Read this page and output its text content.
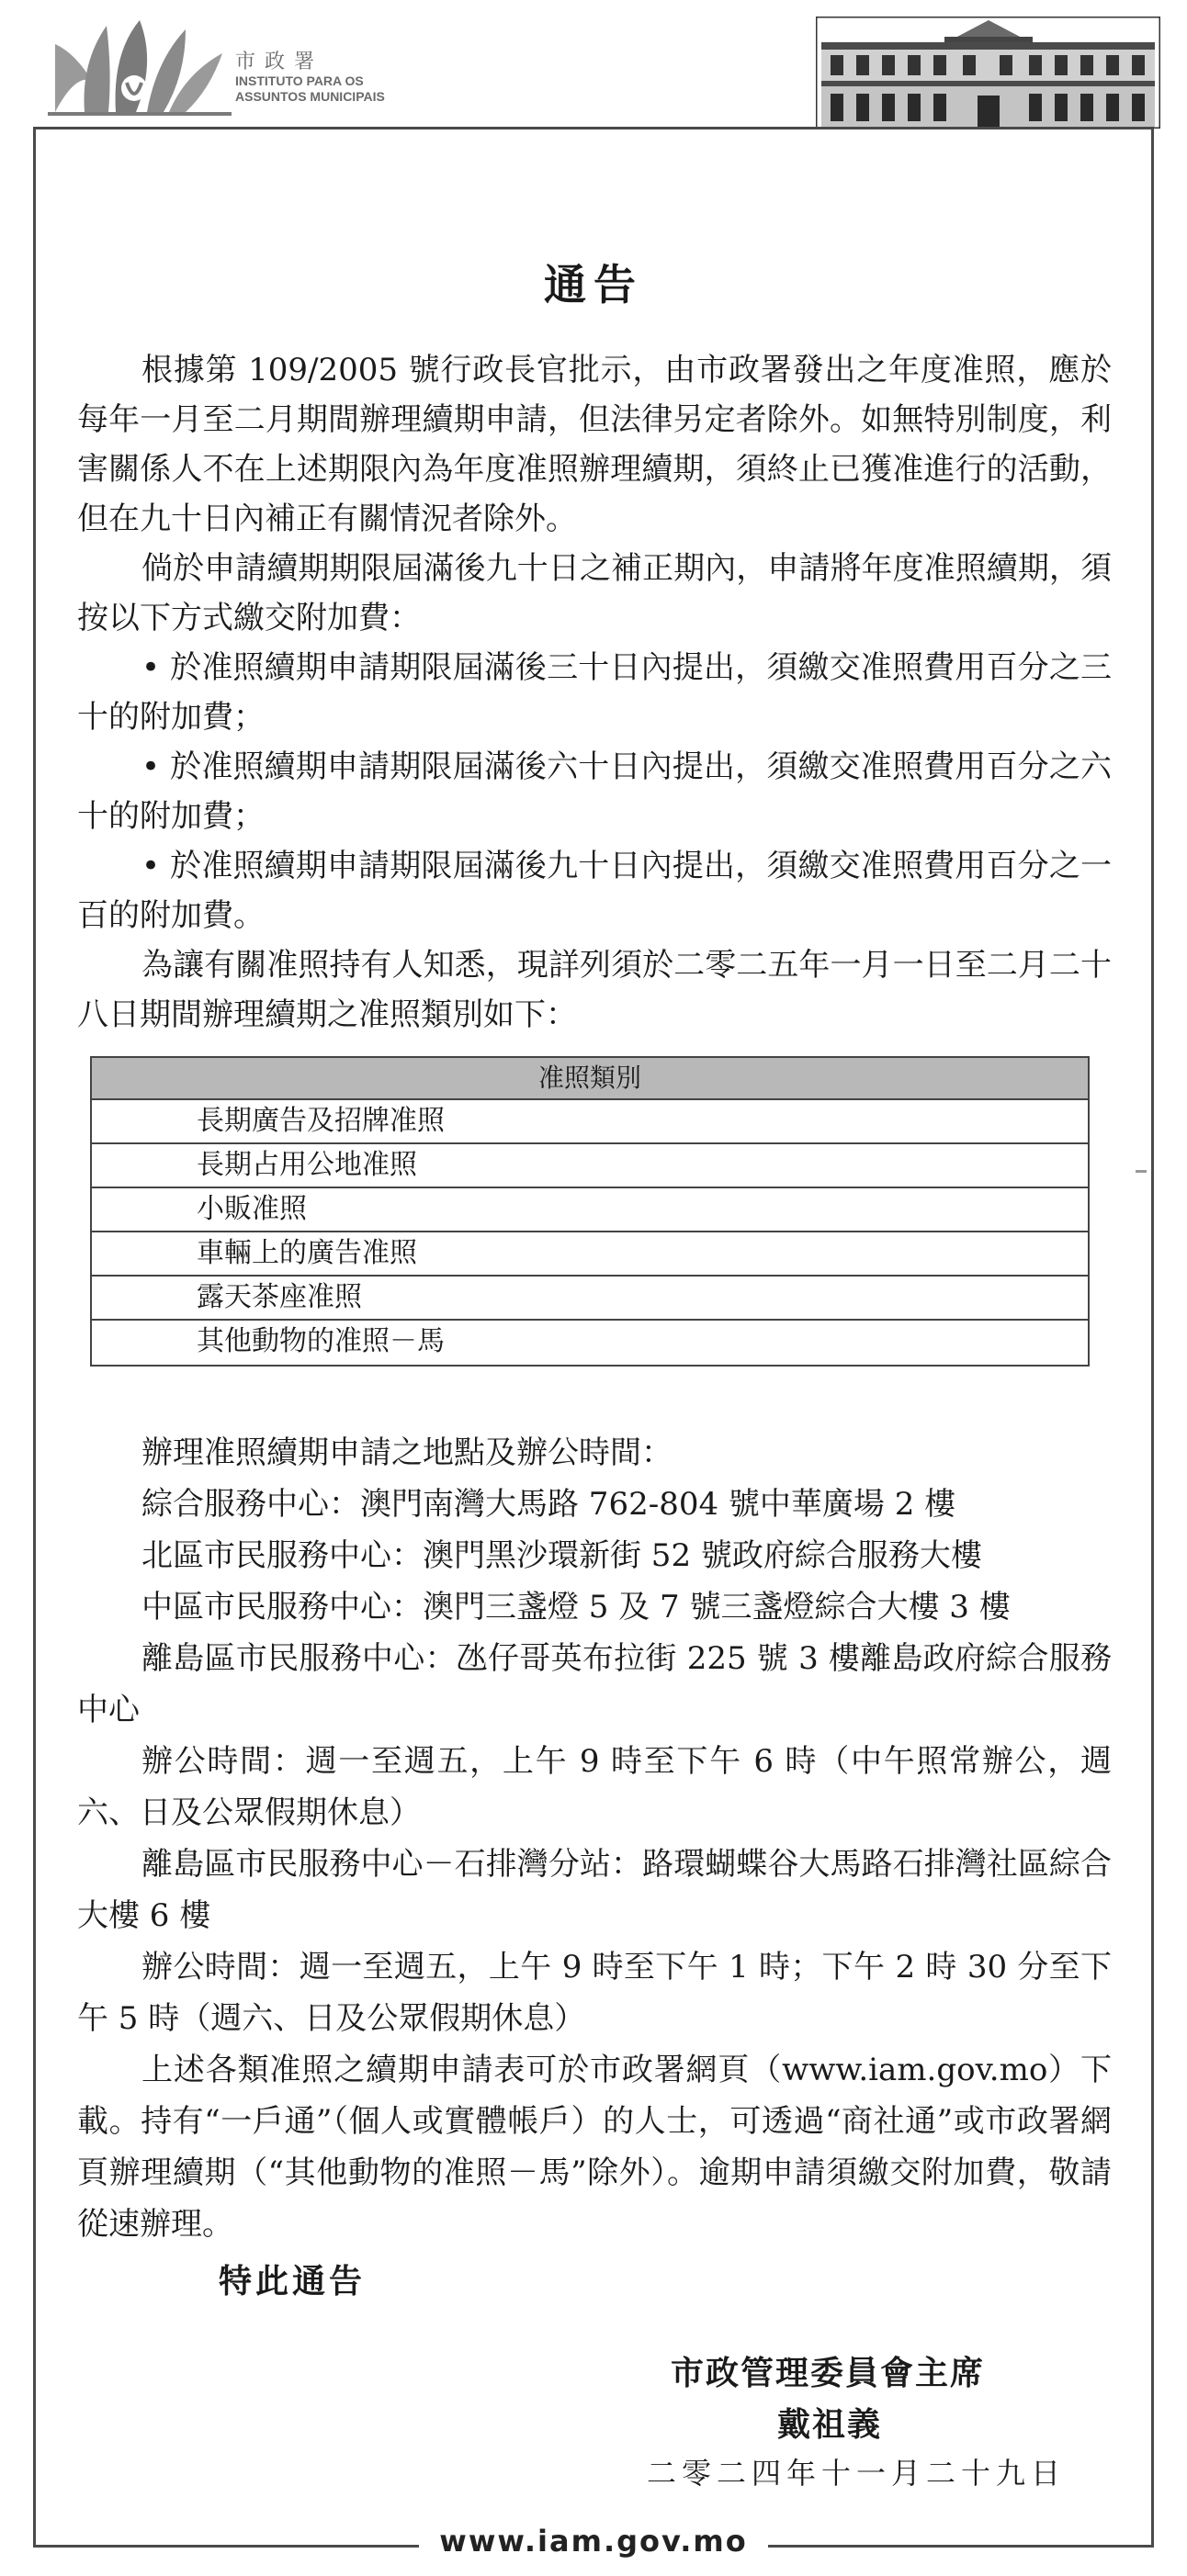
市政署
INSTITUTO PARA OS
ASSUNTOS MUNICIPAIS
通告

根據第 109/2005 號行政長官批示，由市政署發出之年度准照，應於每年一月至二月期間辦理續期申請，但法律另定者除外。如無特別制度，利害關係人不在上述期限內為年度准照辦理續期，須終止已獲准進行的活動，但在九十日內補正有關情況者除外。

倘於申請續期期限屆滿後九十日之補正期內，申請將年度准照續期，須按以下方式繳交附加費：

• 於准照續期申請期限屆滿後三十日內提出，須繳交准照費用百分之三十的附加費；

• 於准照續期申請期限屆滿後六十日內提出，須繳交准照費用百分之六十的附加費；

• 於准照續期申請期限屆滿後九十日內提出，須繳交准照費用百分之一百的附加費。

為讓有關准照持有人知悉，現詳列須於二零二五年一月一日至二月二十八日期間辦理續期之准照類別如下：

准照類別
長期廣告及招牌准照
長期占用公地准照
小販准照
車輛上的廣告准照
露天茶座准照
其他動物的准照－馬

辦理准照續期申請之地點及辦公時間：

綜合服務中心：澳門南灣大馬路 762-804 號中華廣場 2 樓

北區市民服務中心：澳門黑沙環新街 52 號政府綜合服務大樓

中區市民服務中心：澳門三盞燈 5 及 7 號三盞燈綜合大樓 3 樓

離島區市民服務中心：氹仔哥英布拉街 225 號 3 樓離島政府綜合服務中心

辦公時間：週一至週五，上午 9 時至下午 6 時（中午照常辦公，週六、日及公眾假期休息）

離島區市民服務中心－石排灣分站：路環蝴蝶谷大馬路石排灣社區綜合大樓 6 樓

辦公時間：週一至週五，上午 9 時至下午 1 時；下午 2 時 30 分至下午 5 時（週六、日及公眾假期休息）

上述各類准照之續期申請表可於市政署網頁（www.iam.gov.mo）下載。持有“一戶通”（個人或實體帳戶）的人士，可透過“商社通”或市政署網頁辦理續期（“其他動物的准照－馬”除外）。逾期申請須繳交附加費，敬請從速辦理。

特此通告
市政管理委員會主席
戴祖義
二零二四年十一月二十九日
www.iam.gov.mo
